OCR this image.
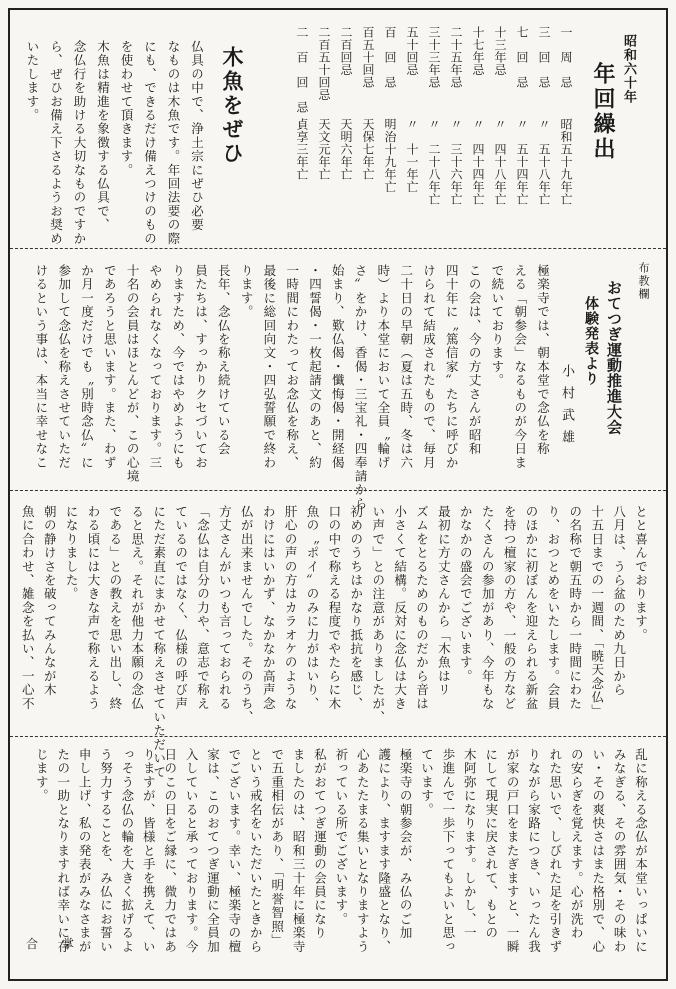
昭和六十年
年回繰出
一　周　忌
昭和五十九年亡
三　回　忌
〃　五十八年亡
七　回　忌
〃　五十四年亡
十三年忌
〃　四十八年亡
十七年忌
〃　四十四年亡
二十五年忌
〃　三十六年亡
三十三年忌
〃　二十八年亡
五十回忌
〃　十一年亡
百　回　忌
明治十九年亡
百五十回忌
天保七年亡
二百回忌
天明六年亡
二百五十回忌
天文元年亡
二　百　回　忌
貞享三年亡
木魚をぜひ
仏具の中で、浄土宗にぜひ必要
なものは木魚です。年回法要の際
にも、できるだけ備えつけのもの
を使わせて頂きます。
木魚は精進を象徴する仏具で、
念仏行を助ける大切なものですか
ら、ぜひお備え下さるようお奨め
いたします。
布教欄
おてつぎ運動推進大会
体験発表より
小村武雄
極楽寺では、朝本堂で念仏を称
える「朝参会」なるものが今日ま
で続いております。
この会は、今の方丈さんが昭和
四十年に〝篤信家〟たちに呼びか
けられて結成されたもので、毎月
二十日の早朝（夏は五時、冬は六
時）より本堂において全員〝輪げ
さ〟をかけ、香偈・三宝礼・四奉請から
始まり、歎仏偈・懺悔偈・開経偈
・四誓偈・一枚起請文のあと、約
一時間にわたってお念仏を称え、
最後に総回向文・四弘誓願で終わ
ります。
長年、念仏を称え続けている会
員たちは、すっかりクセづいてお
りますため、今ではやめようにも
やめられなくなっております。三
十名の会員はほとんどが、この心境
であろうと思います。また、わず
か月一度だけでも〝別時念仏〟に
参加して念仏を称えさせていただ
けるという事は、本当に幸せなこ
とと喜んでおります。
八月は、うら盆のため九日から
十五日までの一週間、「暁天念仏」
の名称で朝五時から一時間にわた
り、おつとめをいたします。会員
のほかに初ぼんを迎えられる新盆
を持つ檀家の方や、一般の方など
たくさんの参加があり、今年もな
かなかの盛会でございます。
最初に方丈さんから「木魚はリ
ズムをとるためのものだから音は
小さくて結構。反対に念仏は大き
い声で」との注意がありましたが、
初めのうちはかなり抵抗を感じ、
口の中で称える程度でやたらに木
魚の〝ポイ〟のみに力がはいり、
肝心の声の方はカラオケのような
わけにはいかず、なかなか高声念
仏が出来ませんでした。そのうち、
方丈さんがいつも言っておられる
「念仏は自分の力や、意志で称え
ているのではなく、仏様の呼び声
にただ素直にまかせて称えさせていただいて
ると思え。それが他力本願の念仏
である」との教えを思い出し、終
わる頃には大きな声で称えるよう
になりました。
朝の静けさを破ってみんなが木
魚に合わせ、雑念を払い、一心不
乱に称える念仏が本堂いっぱいに
みなぎる、その雰囲気・その味わ
い・その爽快さはまた格別で、心
の安らぎを覚えます。心が洗わ
れた思いで、しびれた足を引きず
りながら家路につき、いったん我
が家の戸口をまたぎますと、一瞬
にして現実に戻されて、もとの
木阿弥になります。しかし、一
歩進んで一歩下ってもよいと思っ
ています。
極楽寺の朝参会が、み仏のご加
護により、ますます隆盛となり、
心あたたまる集いとなりますよう
祈っている所でございます。
私がおてつぎ運動の会員になり
ましたのは、昭和三十年に極楽寺
で五重相伝があり、「明誉智照」
という戒名をいただいたときから
でございます。幸い、極楽寺の檀
家は、このおてつぎ運動に全員加
入していると承っております。今
日のこの日をご縁に、微力ではあ
りますが、皆様と手を携えて、い
っそう念仏の輪を大きく拡げるよ
う努力することを、み仏にお誓い
申し上げ、私の発表がみなさまが
たの一助となりますれば幸いに存
じます。
合　掌
